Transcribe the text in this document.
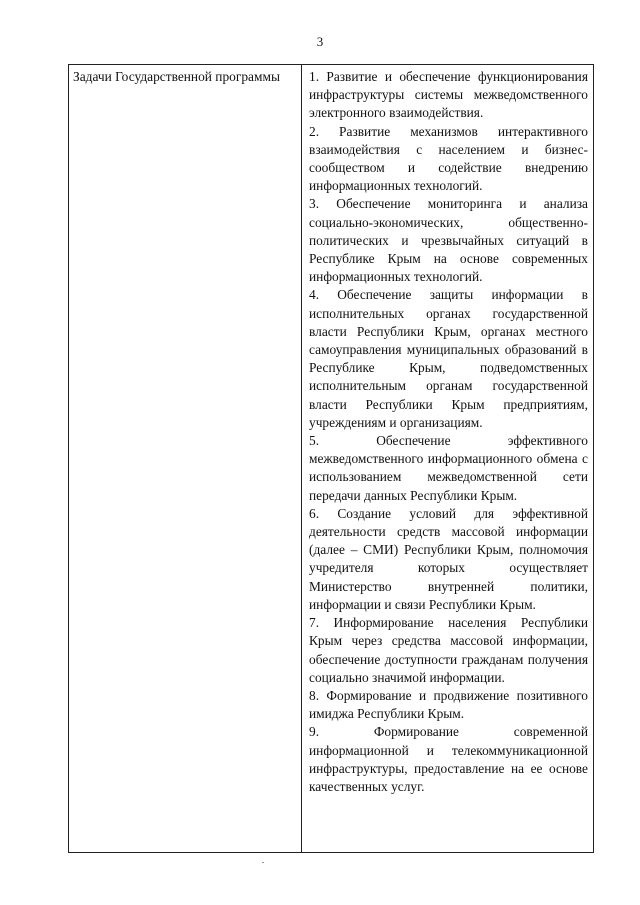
3
Задачи Государственной программы	1. Развитие и обеспечение функционирования инфраструктуры системы межведомственного электронного взаимодействия.

2. Развитие механизмов интерактивного взаимодействия с населением и бизнес-сообществом и содействие внедрению информационных технологий.

3. Обеспечение мониторинга и анализа социально-экономических, общественно-политических и чрезвычайных ситуаций в Республике Крым на основе современных информационных технологий.

4. Обеспечение защиты информации в исполнительных органах государственной власти Республики Крым, органах местного самоуправления муниципальных образований в Республике Крым, подведомственных исполнительным органам государственной власти Республики Крым предприятиям, учреждениям и организациям.

5. Обеспечение эффективного межведомственного информационного обмена с использованием межведомственной сети передачи данных Республики Крым.

6. Создание условий для эффективной деятельности средств массовой информации (далее – СМИ) Республики Крым, полномочия учредителя которых осуществляет Министерство внутренней политики, информации и связи Республики Крым.

7. Информирование населения Республики Крым через средства массовой информации, обеспечение доступности гражданам получения социально значимой информации.

8. Формирование и продвижение позитивного имиджа Республики Крым.

9. Формирование современной информационной и телекоммуникационной инфраструктуры, предоставление на ее основе качественных услуг.
